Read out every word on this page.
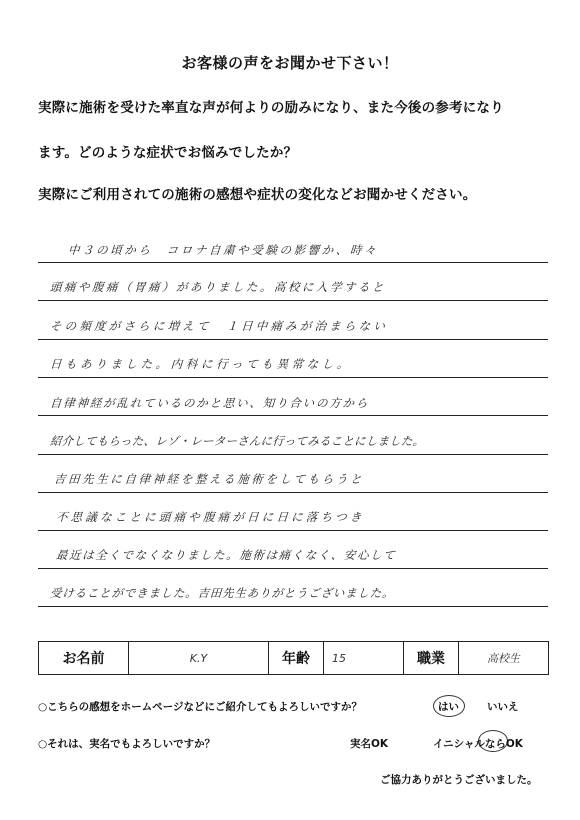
お客様の声をお聞かせ下さい！
実際に施術を受けた率直な声が何よりの励みになり、また今後の参考になり
ます。どのような症状でお悩みでしたか？
実際にご利用されての施術の感想や症状の変化などお聞かせください。
中３の頃から　コロナ自粛や受験の影響か、時々
頭痛や腹痛（胃痛）がありました。高校に入学すると
その頻度がさらに増えて　１日中痛みが治まらない
日もありました。内科に行っても異常なし。
自律神経が乱れているのかと思い、知り合いの方から
紹介してもらった、レゾ・レーターさんに行ってみることにしました。
吉田先生に自律神経を整える施術をしてもらうと
不思議なことに頭痛や腹痛が日に日に落ちつき
最近は全くでなくなりました。施術は痛くなく、安心して
受けることができました。吉田先生ありがとうございました。
お名前	K.Y	年齢	15	職業	高校生
○こちらの感想をホームページなどにご紹介してもよろしいですか？	はい	いいえ
○それは、実名でもよろしいですか？	実名OK	イニシャルならOK
ご協力ありがとうございました。
